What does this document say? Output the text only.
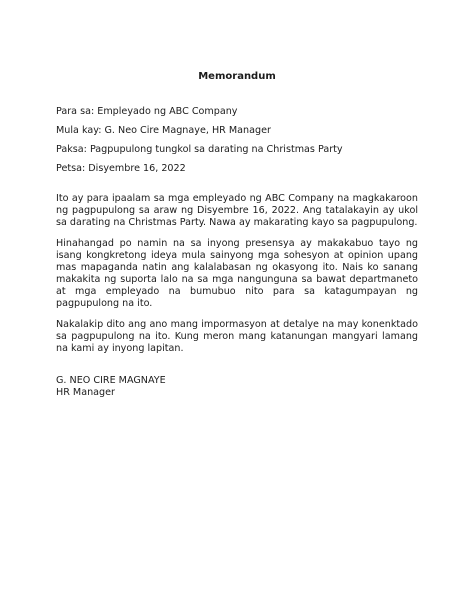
Memorandum
Para sa: Empleyado ng ABC Company
Mula kay: G. Neo Cire Magnaye, HR Manager
Paksa: Pagpupulong tungkol sa darating na Christmas Party
Petsa: Disyembre 16, 2022

Ito ay para ipaalam sa mga empleyado ng ABC Company na magkakaroon ng pagpupulong sa araw ng Disyembre 16, 2022. Ang tatalakayin ay ukol sa darating na Christmas Party. Nawa ay makarating kayo sa pagpupulong.

Hinahangad po namin na sa inyong presensya ay makakabuo tayo ng isang kongkretong ideya mula sainyong mga sohesyon at opinion upang mas mapaganda natin ang kalalabasan ng okasyong ito. Nais ko sanang makakita ng suporta lalo na sa mga nangunguna sa bawat departmaneto at mga empleyado na bumubuo nito para sa katagumpayan ng pagpupulong na ito.

Nakalakip dito ang ano mang impormasyon at detalye na may konenktado sa pagpupulong na ito. Kung meron mang katanungan mangyari lamang na kami ay inyong lapitan.

G. NEO CIRE MAGNAYE
HR Manager
